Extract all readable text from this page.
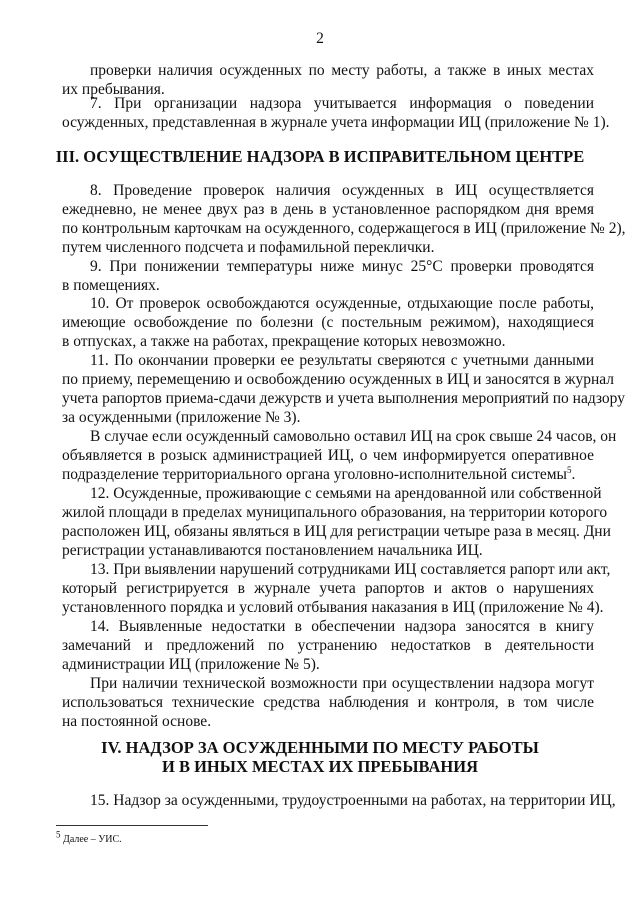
2
проверки наличия осужденных по месту работы, а также в иных местах
их пребывания.
7. При организации надзора учитывается информация о поведении
осужденных, представленная в журнале учета информации ИЦ (приложение № 1).
III. ОСУЩЕСТВЛЕНИЕ НАДЗОРА В ИСПРАВИТЕЛЬНОМ ЦЕНТРЕ
8. Проведение проверок наличия осужденных в ИЦ осуществляется
ежедневно, не менее двух раз в день в установленное распорядком дня время
по контрольным карточкам на осужденного, содержащегося в ИЦ (приложение № 2),
путем численного подсчета и пофамильной переклички.
9. При понижении температуры ниже минус 25°С проверки проводятся
в помещениях.
10. От проверок освобождаются осужденные, отдыхающие после работы,
имеющие освобождение по болезни (с постельным режимом), находящиеся
в отпусках, а также на работах, прекращение которых невозможно.
11. По окончании проверки ее результаты сверяются с учетными данными
по приему, перемещению и освобождению осужденных в ИЦ и заносятся в журнал
учета рапортов приема-сдачи дежурств и учета выполнения мероприятий по надзору
за осужденными (приложение № 3).
В случае если осужденный самовольно оставил ИЦ на срок свыше 24 часов, он
объявляется в розыск администрацией ИЦ, о чем информируется оперативное
подразделение территориального органа уголовно-исполнительной системы$^5$.
12. Осужденные, проживающие с семьями на арендованной или собственной
жилой площади в пределах муниципального образования, на территории которого
расположен ИЦ, обязаны являться в ИЦ для регистрации четыре раза в месяц. Дни
регистрации устанавливаются постановлением начальника ИЦ.
13. При выявлении нарушений сотрудниками ИЦ составляется рапорт или акт,
который регистрируется в журнале учета рапортов и актов о нарушениях
установленного порядка и условий отбывания наказания в ИЦ (приложение № 4).
14. Выявленные недостатки в обеспечении надзора заносятся в книгу
замечаний и предложений по устранению недостатков в деятельности
администрации ИЦ (приложение № 5).
При наличии технической возможности при осуществлении надзора могут
использоваться технические средства наблюдения и контроля, в том числе
на постоянной основе.
IV. НАДЗОР ЗА ОСУЖДЕННЫМИ ПО МЕСТУ РАБОТЫ
И В ИНЫХ МЕСТАХ ИХ ПРЕБЫВАНИЯ
15. Надзор за осужденными, трудоустроенными на работах, на территории ИЦ,
$^5$ Далее – УИС.
